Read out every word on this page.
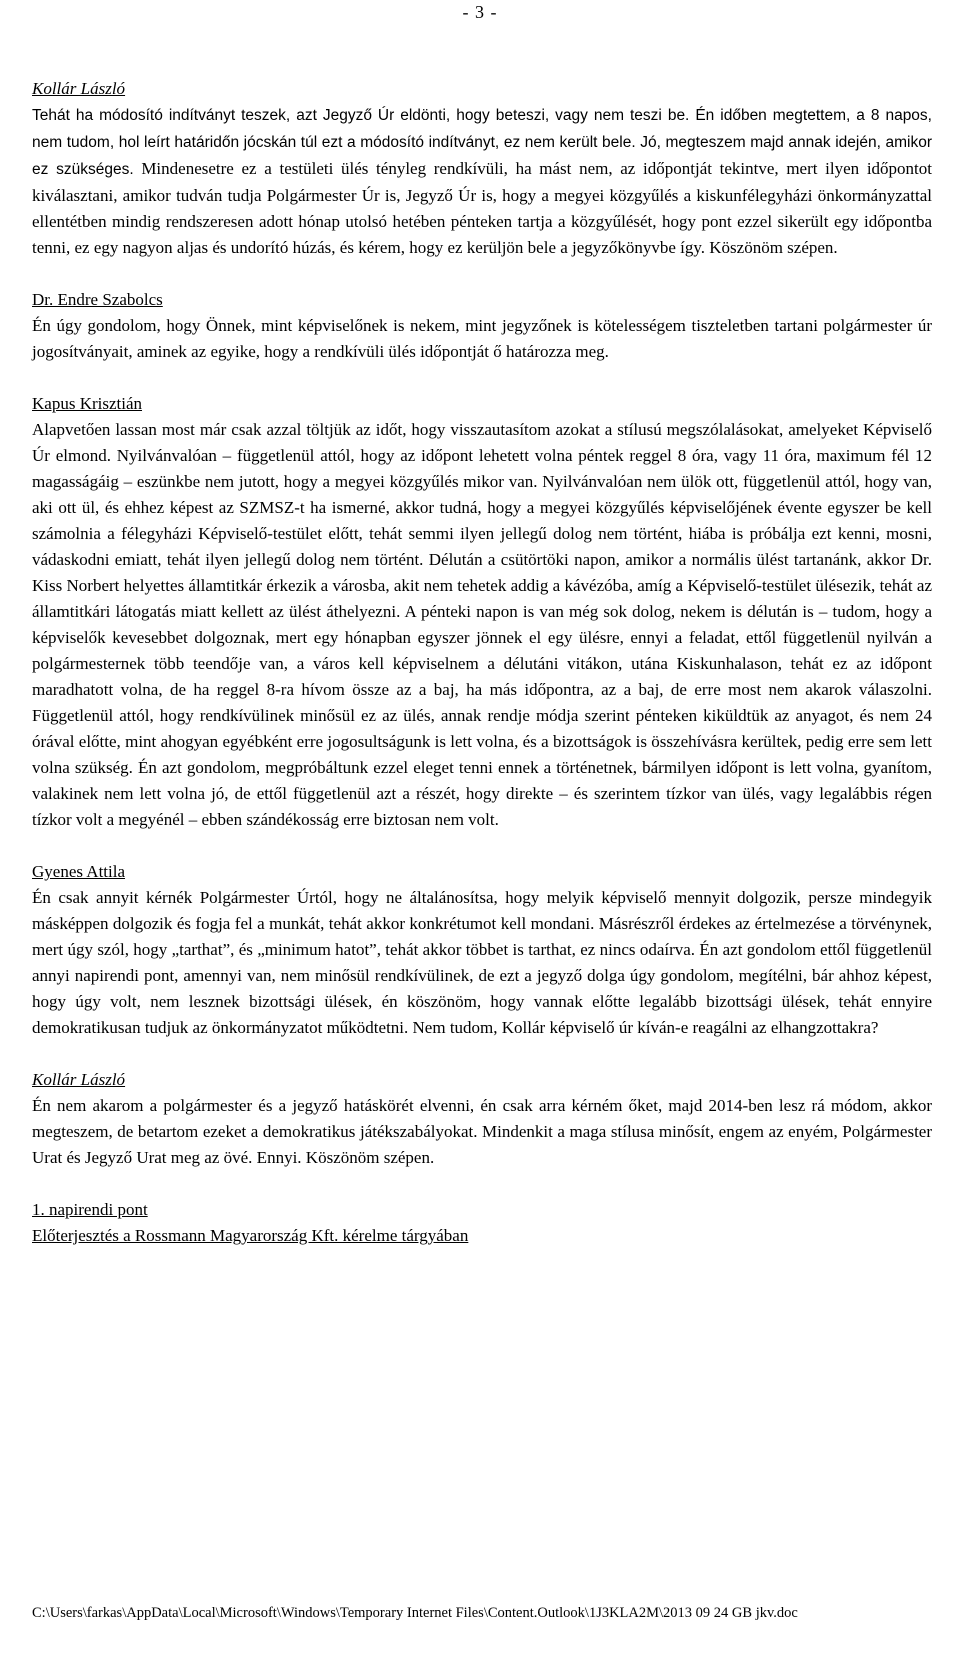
- 3 -
Kollár László

Tehát ha módosító indítványt teszek, azt Jegyző Úr eldönti, hogy beteszi, vagy nem teszi be. Én időben megtettem, a 8 napos, nem tudom, hol leírt határidőn jócskán túl ezt a módosító indítványt, ez nem került bele. Jó, megteszem majd annak idején, amikor ez szükséges. Mindenesetre ez a testületi ülés tényleg rendkívüli, ha mást nem, az időpontját tekintve, mert ilyen időpontot kiválasztani, amikor tudván tudja Polgármester Úr is, Jegyző Úr is, hogy a megyei közgyűlés a kiskunfélegyházi önkormányzattal ellentétben mindig rendszeresen adott hónap utolsó hetében pénteken tartja a közgyűlését, hogy pont ezzel sikerült egy időpontba tenni, ez egy nagyon aljas és undorító húzás, és kérem, hogy ez kerüljön bele a jegyzőkönyvbe így. Köszönöm szépen.

Dr. Endre Szabolcs

Én úgy gondolom, hogy Önnek, mint képviselőnek is nekem, mint jegyzőnek is kötelességem tiszteletben tartani polgármester úr jogosítványait, aminek az egyike, hogy a rendkívüli ülés időpontját ő határozza meg.

Kapus Krisztián

Alapvetően lassan most már csak azzal töltjük az időt, hogy visszautasítom azokat a stílusú megszólalásokat, amelyeket Képviselő Úr elmond. Nyilvánvalóan – függetlenül attól, hogy az időpont lehetett volna péntek reggel 8 óra, vagy 11 óra, maximum fél 12 magasságáig – eszünkbe nem jutott, hogy a megyei közgyűlés mikor van. Nyilvánvalóan nem ülök ott, függetlenül attól, hogy van, aki ott ül, és ehhez képest az SZMSZ-t ha ismerné, akkor tudná, hogy a megyei közgyűlés képviselőjének évente egyszer be kell számolnia a félegyházi Képviselő-testület előtt, tehát semmi ilyen jellegű dolog nem történt, hiába is próbálja ezt kenni, mosni, vádaskodni emiatt, tehát ilyen jellegű dolog nem történt. Délután a csütörtöki napon, amikor a normális ülést tartanánk, akkor Dr. Kiss Norbert helyettes államtitkár érkezik a városba, akit nem tehetek addig a kávézóba, amíg a Képviselő-testület ülésezik, tehát az államtitkári látogatás miatt kellett az ülést áthelyezni. A pénteki napon is van még sok dolog, nekem is délután is – tudom, hogy a képviselők kevesebbet dolgoznak, mert egy hónapban egyszer jönnek el egy ülésre, ennyi a feladat, ettől függetlenül nyilván a polgármesternek több teendője van, a város kell képviselnem a délutáni vitákon, utána Kiskunhalason, tehát ez az időpont maradhatott volna, de ha reggel 8-ra hívom össze az a baj, ha más időpontra, az a baj, de erre most nem akarok válaszolni. Függetlenül attól, hogy rendkívülinek minősül ez az ülés, annak rendje módja szerint pénteken kiküldtük az anyagot, és nem 24 órával előtte, mint ahogyan egyébként erre jogosultságunk is lett volna, és a bizottságok is összehívásra kerültek, pedig erre sem lett volna szükség. Én azt gondolom, megpróbáltunk ezzel eleget tenni ennek a történetnek, bármilyen időpont is lett volna, gyanítom, valakinek nem lett volna jó, de ettől függetlenül azt a részét, hogy direkte – és szerintem tízkor van ülés, vagy legalábbis régen tízkor volt a megyénél – ebben szándékosság erre biztosan nem volt.

Gyenes Attila

Én csak annyit kérnék Polgármester Úrtól, hogy ne általánosítsa, hogy melyik képviselő mennyit dolgozik, persze mindegyik másképpen dolgozik és fogja fel a munkát, tehát akkor konkrétumot kell mondani. Másrészről érdekes az értelmezése a törvénynek, mert úgy szól, hogy „tarthat”, és „minimum hatot”, tehát akkor többet is tarthat, ez nincs odaírva. Én azt gondolom ettől függetlenül annyi napirendi pont, amennyi van, nem minősül rendkívülinek, de ezt a jegyző dolga úgy gondolom, megítélni, bár ahhoz képest, hogy úgy volt, nem lesznek bizottsági ülések, én köszönöm, hogy vannak előtte legalább bizottsági ülések, tehát ennyire demokratikusan tudjuk az önkormányzatot működtetni. Nem tudom, Kollár képviselő úr kíván-e reagálni az elhangzottakra?

Kollár László

Én nem akarom a polgármester és a jegyző hatáskörét elvenni, én csak arra kérném őket, majd 2014-ben lesz rá módom, akkor megteszem, de betartom ezeket a demokratikus játékszabályokat. Mindenkit a maga stílusa minősít, engem az enyém, Polgármester Urat és Jegyző Urat meg az övé. Ennyi. Köszönöm szépen.

1. napirendi pont
Előterjesztés a Rossmann Magyarország Kft. kérelme tárgyában
C:\Users\farkas\AppData\Local\Microsoft\Windows\Temporary Internet Files\Content.Outlook\1J3KLA2M\2013 09 24 GB jkv.doc
